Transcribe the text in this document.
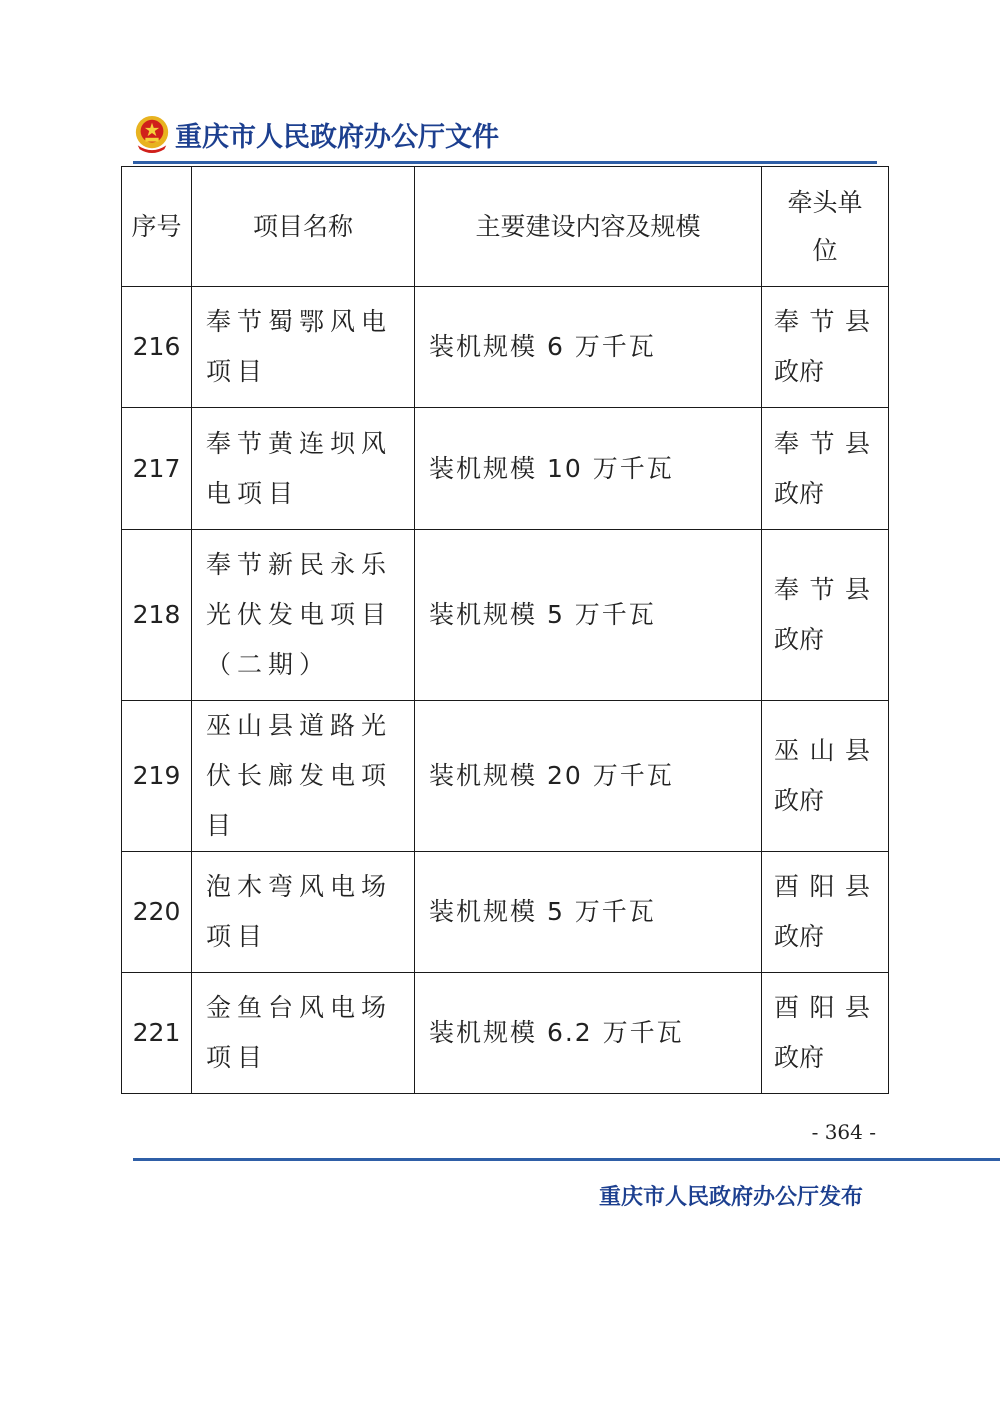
重庆市人民政府办公厅文件
序号	项目名称	主要建设内容及规模	牵头单
位

216	奉节蜀鄂风电项目	装机规模 6 万千瓦	奉 节 县
政府

217	奉节黄连坝风电项目	装机规模 10 万千瓦	奉 节 县
政府

218	奉节新民永乐光伏发电项目（二期）	装机规模 5 万千瓦	奉 节 县
政府

219	巫山县道路光伏长廊发电项目	装机规模 20 万千瓦	巫 山 县
政府

220	泡木弯风电场项目	装机规模 5 万千瓦	酉 阳 县
政府

221	金鱼台风电场项目	装机规模 6.2 万千瓦	酉 阳 县
政府
- 364 -
重庆市人民政府办公厅发布
